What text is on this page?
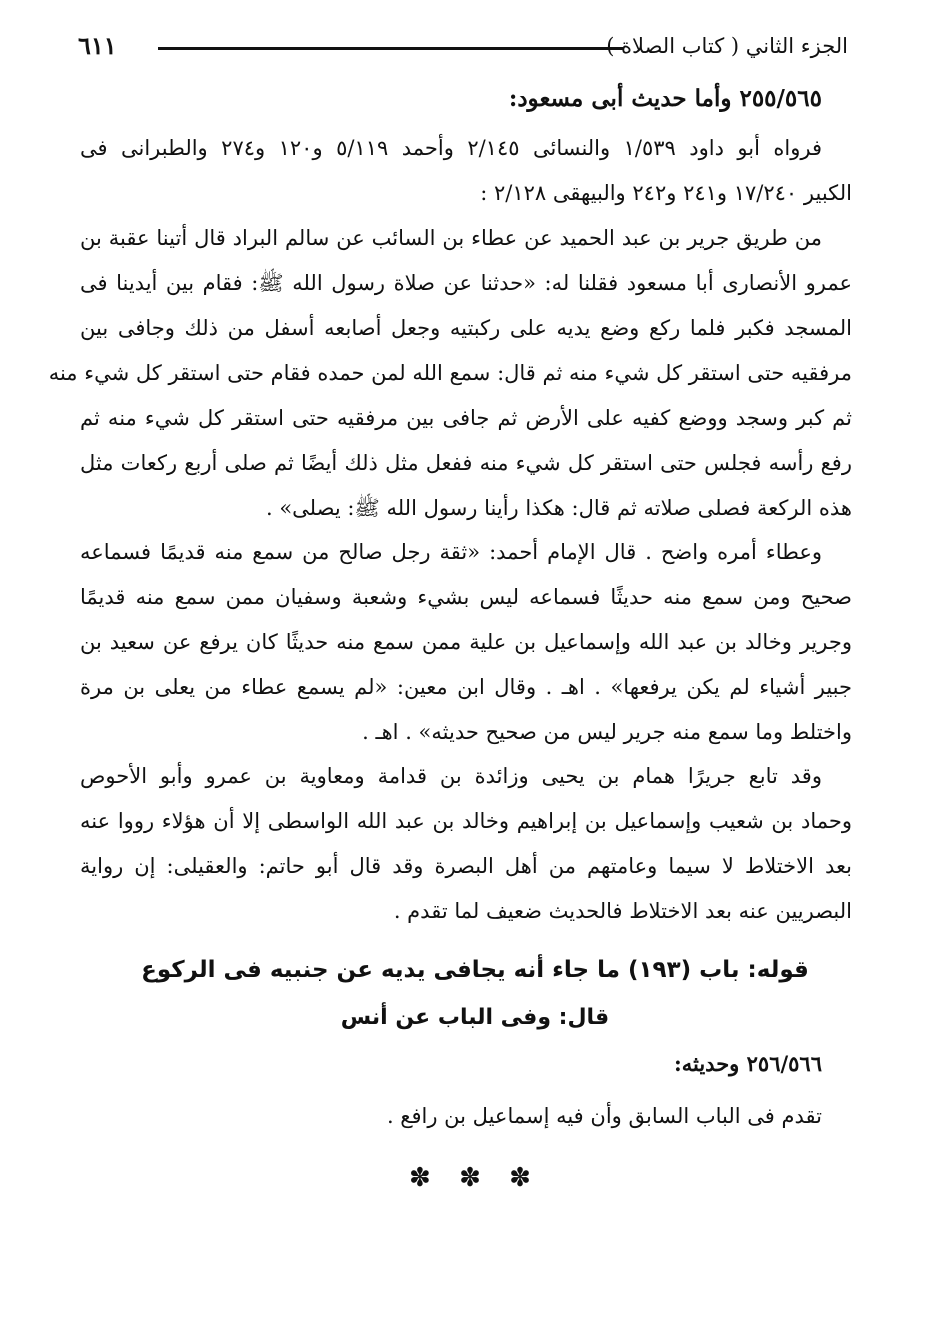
الجزء الثاني ( كتاب الصلاة )
٦١١
٢٥٥/٥٦٥ وأما حديث أبى مسعود:
فرواه أبو داود ١/٥٣٩ والنسائى ٢/١٤٥ وأحمد ٥/١١٩ و١٢٠ و٢٧٤ والطبرانى فى
الكبير ١٧/٢٤٠ و٢٤١ و٢٤٢ والبيهقى ٢/١٢٨ :
من طريق جرير بن عبد الحميد عن عطاء بن السائب عن سالم البراد قال أتينا عقبة بن
عمرو الأنصارى أبا مسعود فقلنا له: «حدثنا عن صلاة رسول الله ﷺ: فقام بين أيدينا فى
المسجد فكبر فلما ركع وضع يديه على ركبتيه وجعل أصابعه أسفل من ذلك وجافى بين
مرفقيه حتى استقر كل شيء منه ثم قال: سمع الله لمن حمده فقام حتى استقر كل شيء منه
ثم كبر وسجد ووضع كفيه على الأرض ثم جافى بين مرفقيه حتى استقر كل شيء منه ثم
رفع رأسه فجلس حتى استقر كل شيء منه ففعل مثل ذلك أيضًا ثم صلى أربع ركعات مثل
هذه الركعة فصلى صلاته ثم قال: هكذا رأينا رسول الله ﷺ: يصلى» .
وعطاء أمره واضح . قال الإمام أحمد: «ثقة رجل صالح من سمع منه قديمًا فسماعه
صحيح ومن سمع منه حديثًا فسماعه ليس بشيء وشعبة وسفيان ممن سمع منه قديمًا
وجرير وخالد بن عبد الله وإسماعيل بن علية ممن سمع منه حديثًا كان يرفع عن سعيد بن
جبير أشياء لم يكن يرفعها» . اهـ . وقال ابن معين: «لم يسمع عطاء من يعلى بن مرة
واختلط وما سمع منه جرير ليس من صحيح حديثه» . اهـ .
وقد تابع جريرًا همام بن يحيى وزائدة بن قدامة ومعاوية بن عمرو وأبو الأحوص
وحماد بن شعيب وإسماعيل بن إبراهيم وخالد بن عبد الله الواسطى إلا أن هؤلاء رووا عنه
بعد الاختلاط لا سيما وعامتهم من أهل البصرة وقد قال أبو حاتم: والعقيلى: إن رواية
البصريين عنه بعد الاختلاط فالحديث ضعيف لما تقدم .
قوله: باب (١٩٣) ما جاء أنه يجافى يديه عن جنبيه فى الركوع
قال: وفى الباب عن أنس
٢٥٦/٥٦٦ وحديثه:
تقدم فى الباب السابق وأن فيه إسماعيل بن رافع .
✽ ✽ ✽
